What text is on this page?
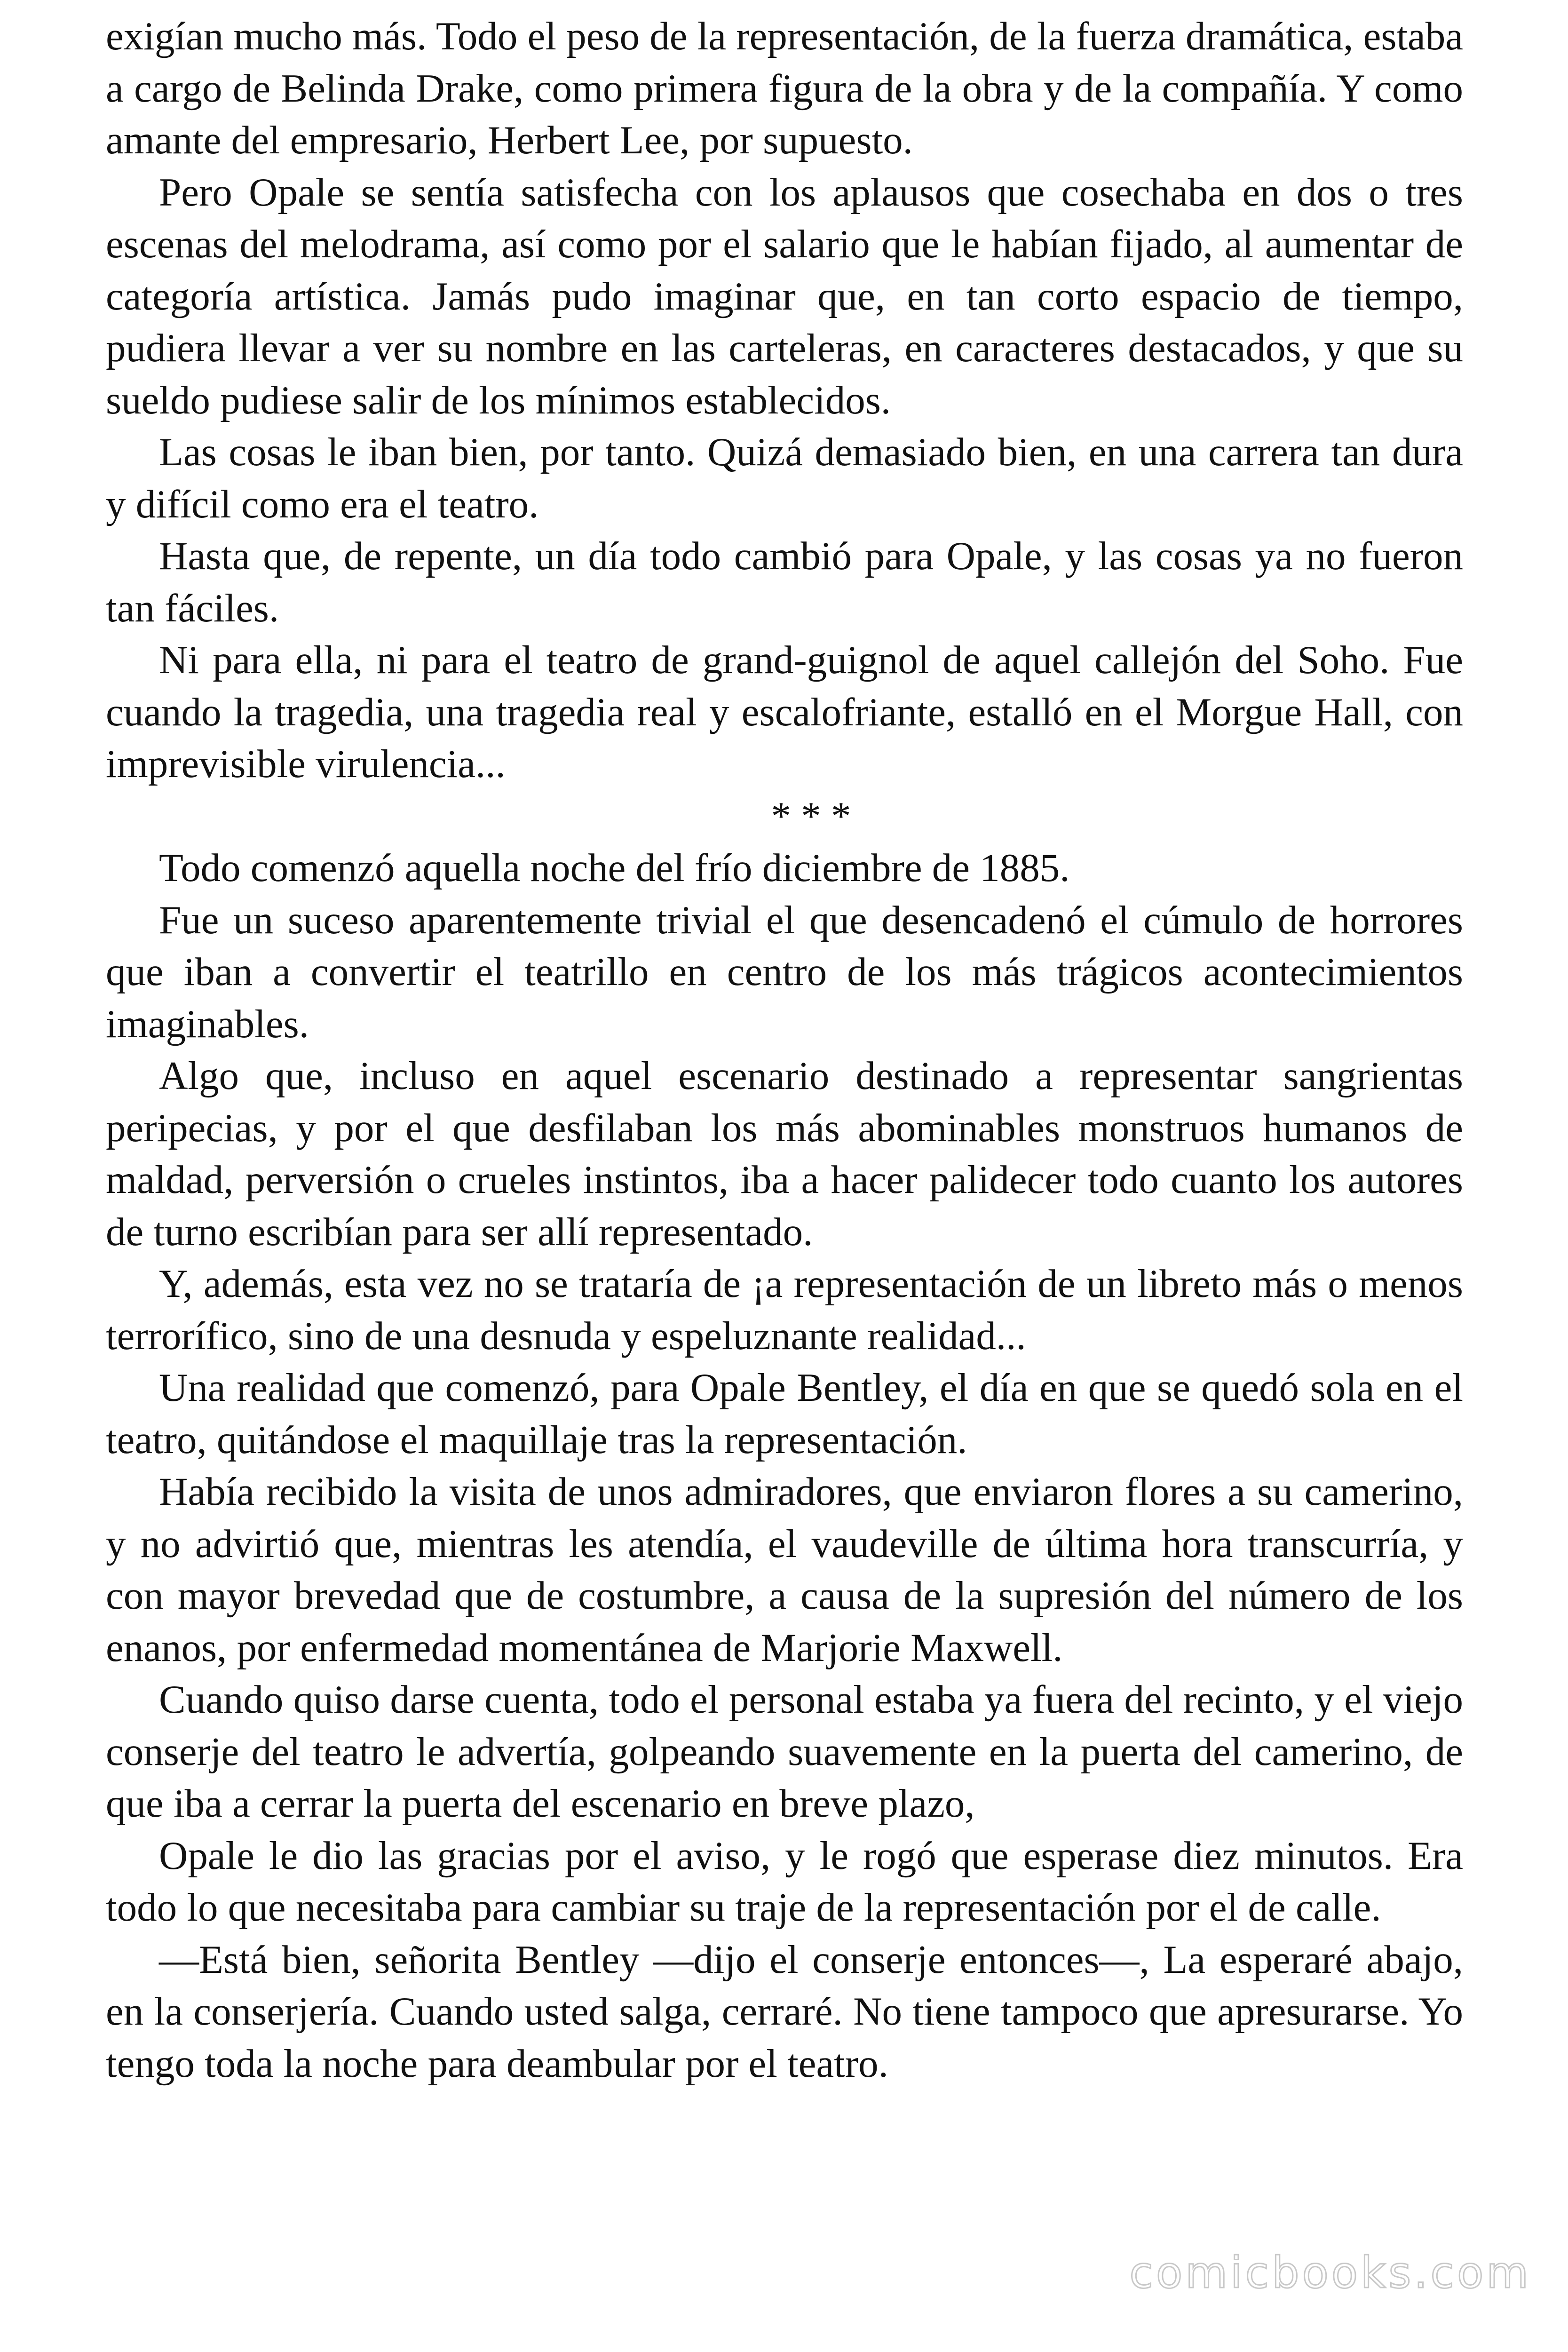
exigían mucho más. Todo el peso de la representación, de la fuerza dramática, estaba a cargo de Belinda Drake, como primera figura de la obra y de la compañía. Y como amante del empresario, Herbert Lee, por supuesto.

Pero Opale se sentía satisfecha con los aplausos que cosechaba en dos o tres escenas del melodrama, así como por el salario que le habían fijado, al aumentar de categoría artística. Jamás pudo imaginar que, en tan corto espacio de tiempo, pudiera llevar a ver su nombre en las carteleras, en caracteres destacados, y que su sueldo pudiese salir de los mínimos establecidos.

Las cosas le iban bien, por tanto. Quizá demasiado bien, en una carrera tan dura y difícil como era el teatro.

Hasta que, de repente, un día todo cambió para Opale, y las cosas ya no fueron tan fáciles.

Ni para ella, ni para el teatro de grand-guignol de aquel callejón del Soho. Fue cuando la tragedia, una tragedia real y escalofriante, estalló en el Morgue Hall, con imprevisible virulencia...

* * *

Todo comenzó aquella noche del frío diciembre de 1885.

Fue un suceso aparentemente trivial el que desencadenó el cúmulo de horrores que iban a convertir el teatrillo en centro de los más trágicos acontecimientos imaginables.

Algo que, incluso en aquel escenario destinado a representar sangrientas peripecias, y por el que desfilaban los más abominables monstruos humanos de maldad, perversión o crueles instintos, iba a hacer palidecer todo cuanto los autores de turno escribían para ser allí representado.

Y, además, esta vez no se trataría de ¡a representación de un libreto más o menos terrorífico, sino de una desnuda y espeluznante realidad...

Una realidad que comenzó, para Opale Bentley, el día en que se quedó sola en el teatro, quitándose el maquillaje tras la representación.

Había recibido la visita de unos admiradores, que enviaron flores a su camerino, y no advirtió que, mientras les atendía, el vaudeville de última hora transcurría, y con mayor brevedad que de costumbre, a causa de la supresión del número de los enanos, por enfermedad momentánea de Marjorie Maxwell.

Cuando quiso darse cuenta, todo el personal estaba ya fuera del recinto, y el viejo conserje del teatro le advertía, golpeando suavemente en la puerta del camerino, de que iba a cerrar la puerta del escenario en breve plazo,

Opale le dio las gracias por el aviso, y le rogó que esperase diez minutos. Era todo lo que necesitaba para cambiar su traje de la representación por el de calle.

—Está bien, señorita Bentley —dijo el conserje entonces—, La esperaré abajo, en la conserjería. Cuando usted salga, cerraré. No tiene tampoco que apresurarse. Yo tengo toda la noche para deambular por el teatro.

comicbooks.com
